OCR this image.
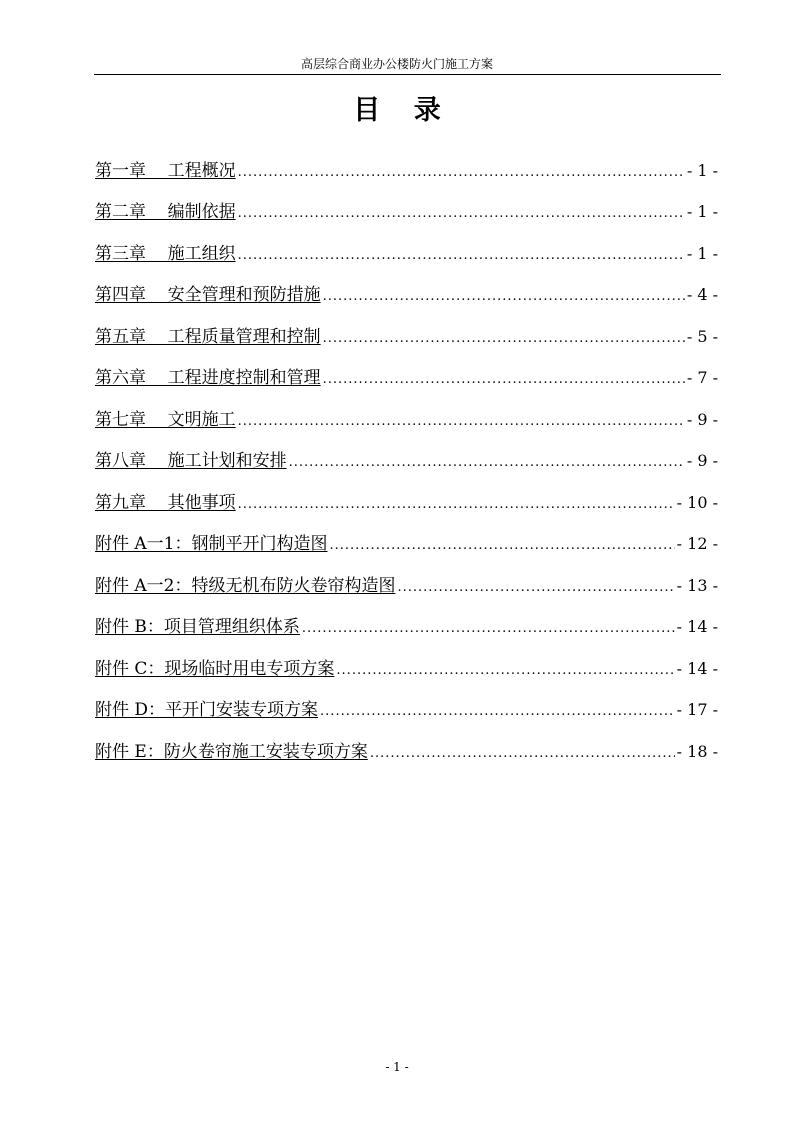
高层综合商业办公楼防火门施工方案
目 录
第一章    工程概况 .....	- 1 -
第二章    编制依据 .....	- 1 -
第三章    施工组织 .....	- 1 -
第四章    安全管理和预防措施 .....	- 4 -
第五章    工程质量管理和控制 .....	- 5 -
第六章    工程进度控制和管理 .....	- 7 -
第七章    文明施工 .....	- 9 -
第八章    施工计划和安排 .....	- 9 -
第九章    其他事项 .....	- 10 -
附件 A一1：钢制平开门构造图 .....	- 12 -
附件 A一2：特级无机布防火卷帘构造图 .....	- 13 -
附件 B：项目管理组织体系 .....	- 14 -
附件 C：现场临时用电专项方案 .....	- 14 -
附件 D：平开门安装专项方案 .....	- 17 -
附件 E：防火卷帘施工安装专项方案 .....	- 18 -
- 1 -
